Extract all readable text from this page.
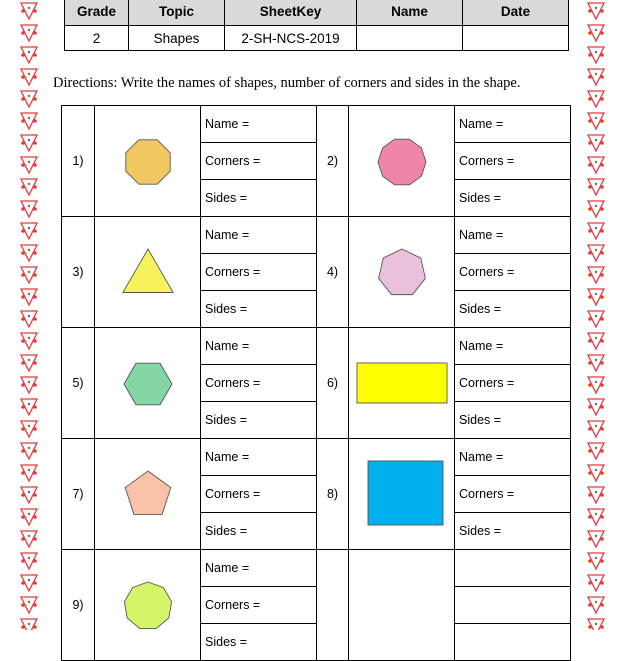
Grade	Topic	SheetKey	Name	Date
2	Shapes	2-SH-NCS-2019		
Directions: Write the names of shapes, number of corners and sides in the shape.
1)		Name =	2)		Name =
		Corners =			Corners =
		Sides =			Sides =
3)		Name =	4)		Name =
		Corners =			Corners =
		Sides =			Sides =
5)		Name =	6)		Name =
		Corners =			Corners =
		Sides =			Sides =
7)		Name =	8)		Name =
		Corners =			Corners =
		Sides =			Sides =
9)		Name =			
		Corners =			
		Sides =			
